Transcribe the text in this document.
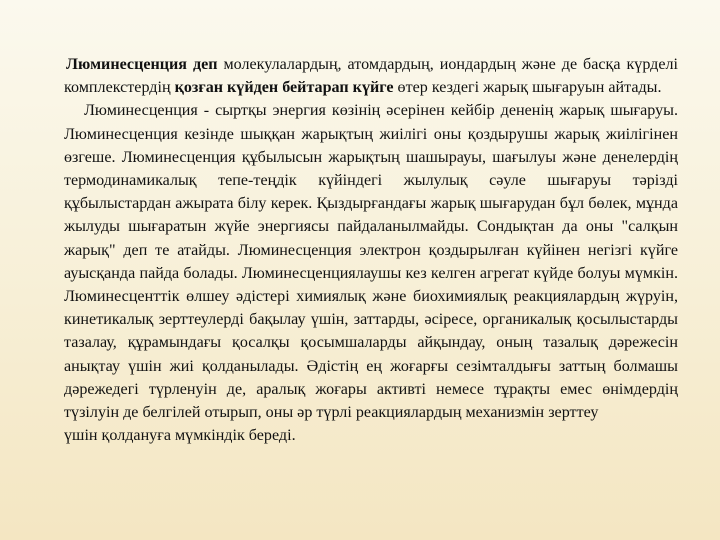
Люминесценция деп молекулалардың, атомдардың, иондардың және де басқа күрделі комплекстердің қозған күйден бейтарап күйге өтер кездегі жарық шығаруын айтады.

Люминесценция - сыртқы энергия көзінің әсерінен кейбір дененің жарық шығаруы. Люминесценция кезінде шыққан жарықтың жиілігі оны қоздырушы жарық жиілігінен өзгеше. Люминесценция құбылысын жарықтың шашырауы, шағылуы және денелердің термодинамикалық тепе-теңдік күйіндегі жылулық сәуле шығаруы тәрізді құбылыстардан ажырата білу керек. Қыздырғандағы жарық шығарудан бұл бөлек, мұнда жылуды шығаратын жүйе энергиясы пайдаланылмайды. Сондықтан да оны "салқын жарық" деп те атайды. Люминесценция электрон қоздырылған күйінен негізгі күйге ауысқанда пайда болады. Люминесценциялаушы кез келген агрегат күйде болуы мүмкін. Люминесценттік өлшеу әдістері химиялық және биохимиялық реакциялардың жүруін, кинетикалық зерттеулерді бақылау үшін, заттарды, әсіресе, органикалық қосылыстарды тазалау, құрамындағы қосалқы қосымшаларды айқындау, оның тазалық дәрежесін анықтау үшін жиі қолданылады. Әдістің ең жоғарғы сезімталдығы заттың болмашы дәрежедегі түрленуін де, аралық жоғары активті немесе тұрақты емес өнімдердің түзілуін де белгілей отырып, оны әр түрлі реакциялардың механизмін зерттеу

үшін қолдануға мүмкіндік береді.
